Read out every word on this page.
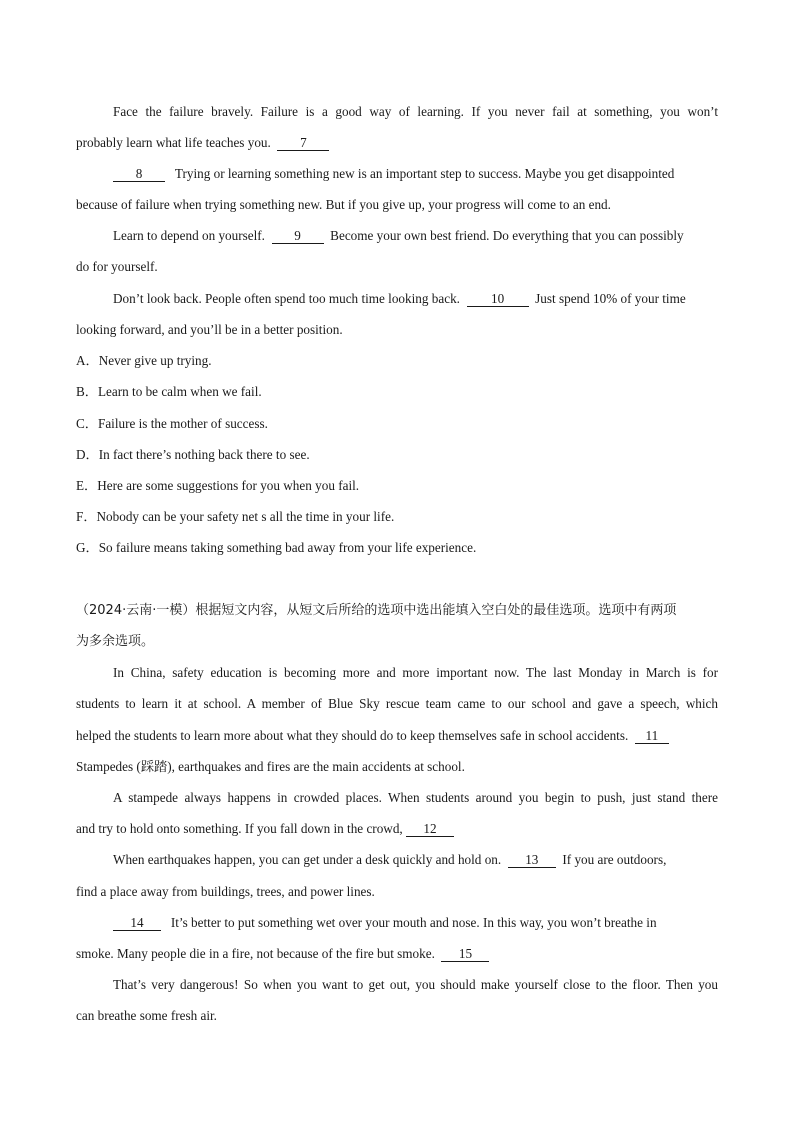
Face the failure bravely. Failure is a good way of learning. If you never fail at something, you won’t
probably learn what life teaches you. 7
8 Trying or learning something new is an important step to success. Maybe you get disappointed
because of failure when trying something new. But if you give up, your progress will come to an end.
Learn to depend on yourself. 9 Become your own best friend. Do everything that you can possibly
do for yourself.
Don’t look back. People often spend too much time looking back. 10 Just spend 10% of your time
looking forward, and you’ll be in a better position.
A．Never give up trying.
B．Learn to be calm when we fail.
C．Failure is the mother of success.
D．In fact there’s nothing back there to see.
E．Here are some suggestions for you when you fail.
F．Nobody can be your safety net s all the time in your life.
G．So failure means taking something bad away from your life experience.
（2024·云南·一模）根据短文内容，从短文后所给的选项中选出能填入空白处的最佳选项。选项中有两项
为多余选项。
In China, safety education is becoming more and more important now. The last Monday in March is for
students to learn it at school. A member of Blue Sky rescue team came to our school and gave a speech, which
helped the students to learn more about what they should do to keep themselves safe in school accidents. 11
Stampedes (踩踏), earthquakes and fires are the main accidents at school.
A stampede always happens in crowded places. When students around you begin to push, just stand there
and try to hold onto something. If you fall down in the crowd, 12
When earthquakes happen, you can get under a desk quickly and hold on. 13 If you are outdoors,
find a place away from buildings, trees, and power lines.
14 It’s better to put something wet over your mouth and nose. In this way, you won’t breathe in
smoke. Many people die in a fire, not because of the fire but smoke. 15
That’s very dangerous! So when you want to get out, you should make yourself close to the floor. Then you
can breathe some fresh air.
